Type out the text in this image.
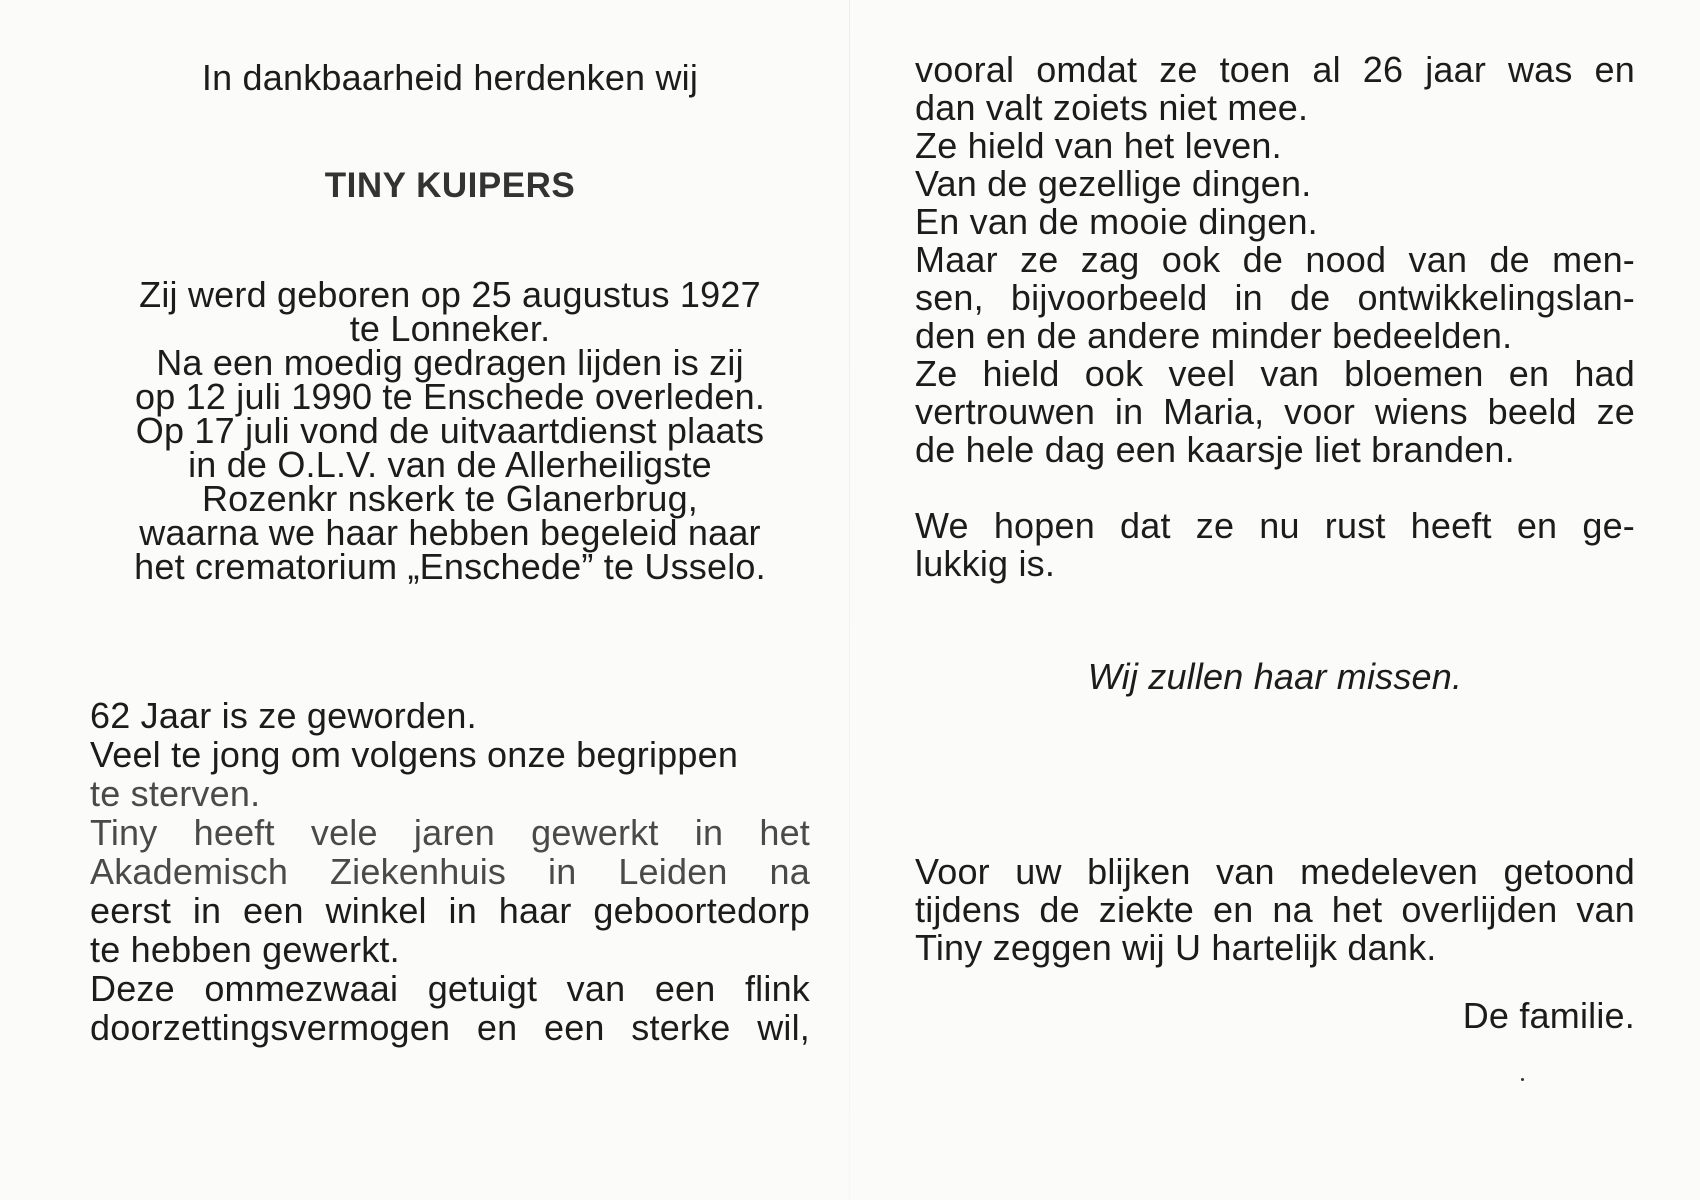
In dankbaarheid herdenken wij
TINY KUIPERS
Zij werd geboren op 25 augustus 1927
te Lonneker.
Na een moedig gedragen lijden is zij
op 12 juli 1990 te Enschede overleden.
Op 17 juli vond de uitvaartdienst plaats
in de O.L.V. van de Allerheiligste
Rozenkr nskerk te Glanerbrug,
waarna we haar hebben begeleid naar
het crematorium „Enschede” te Usselo.
62 Jaar is ze geworden.
Veel te jong om volgens onze begrippen
te sterven.
Tiny heeft vele jaren gewerkt in het
Akademisch Ziekenhuis in Leiden na
eerst in een winkel in haar geboortedorp
te hebben gewerkt.
Deze ommezwaai getuigt van een flink
doorzettingsvermogen en een sterke wil,
vooral omdat ze toen al 26 jaar was en
dan valt zoiets niet mee.
Ze hield van het leven.
Van de gezellige dingen.
En van de mooie dingen.
Maar ze zag ook de nood van de men-
sen, bijvoorbeeld in de ontwikkelingslan-
den en de andere minder bedeelden.
Ze hield ook veel van bloemen en had
vertrouwen in Maria, voor wiens beeld ze
de hele dag een kaarsje liet branden.
We hopen dat ze nu rust heeft en ge-
lukkig is.
Wij zullen haar missen.
Voor uw blijken van medeleven getoond
tijdens de ziekte en na het overlijden van
Tiny zeggen wij U hartelijk dank.
De familie.
